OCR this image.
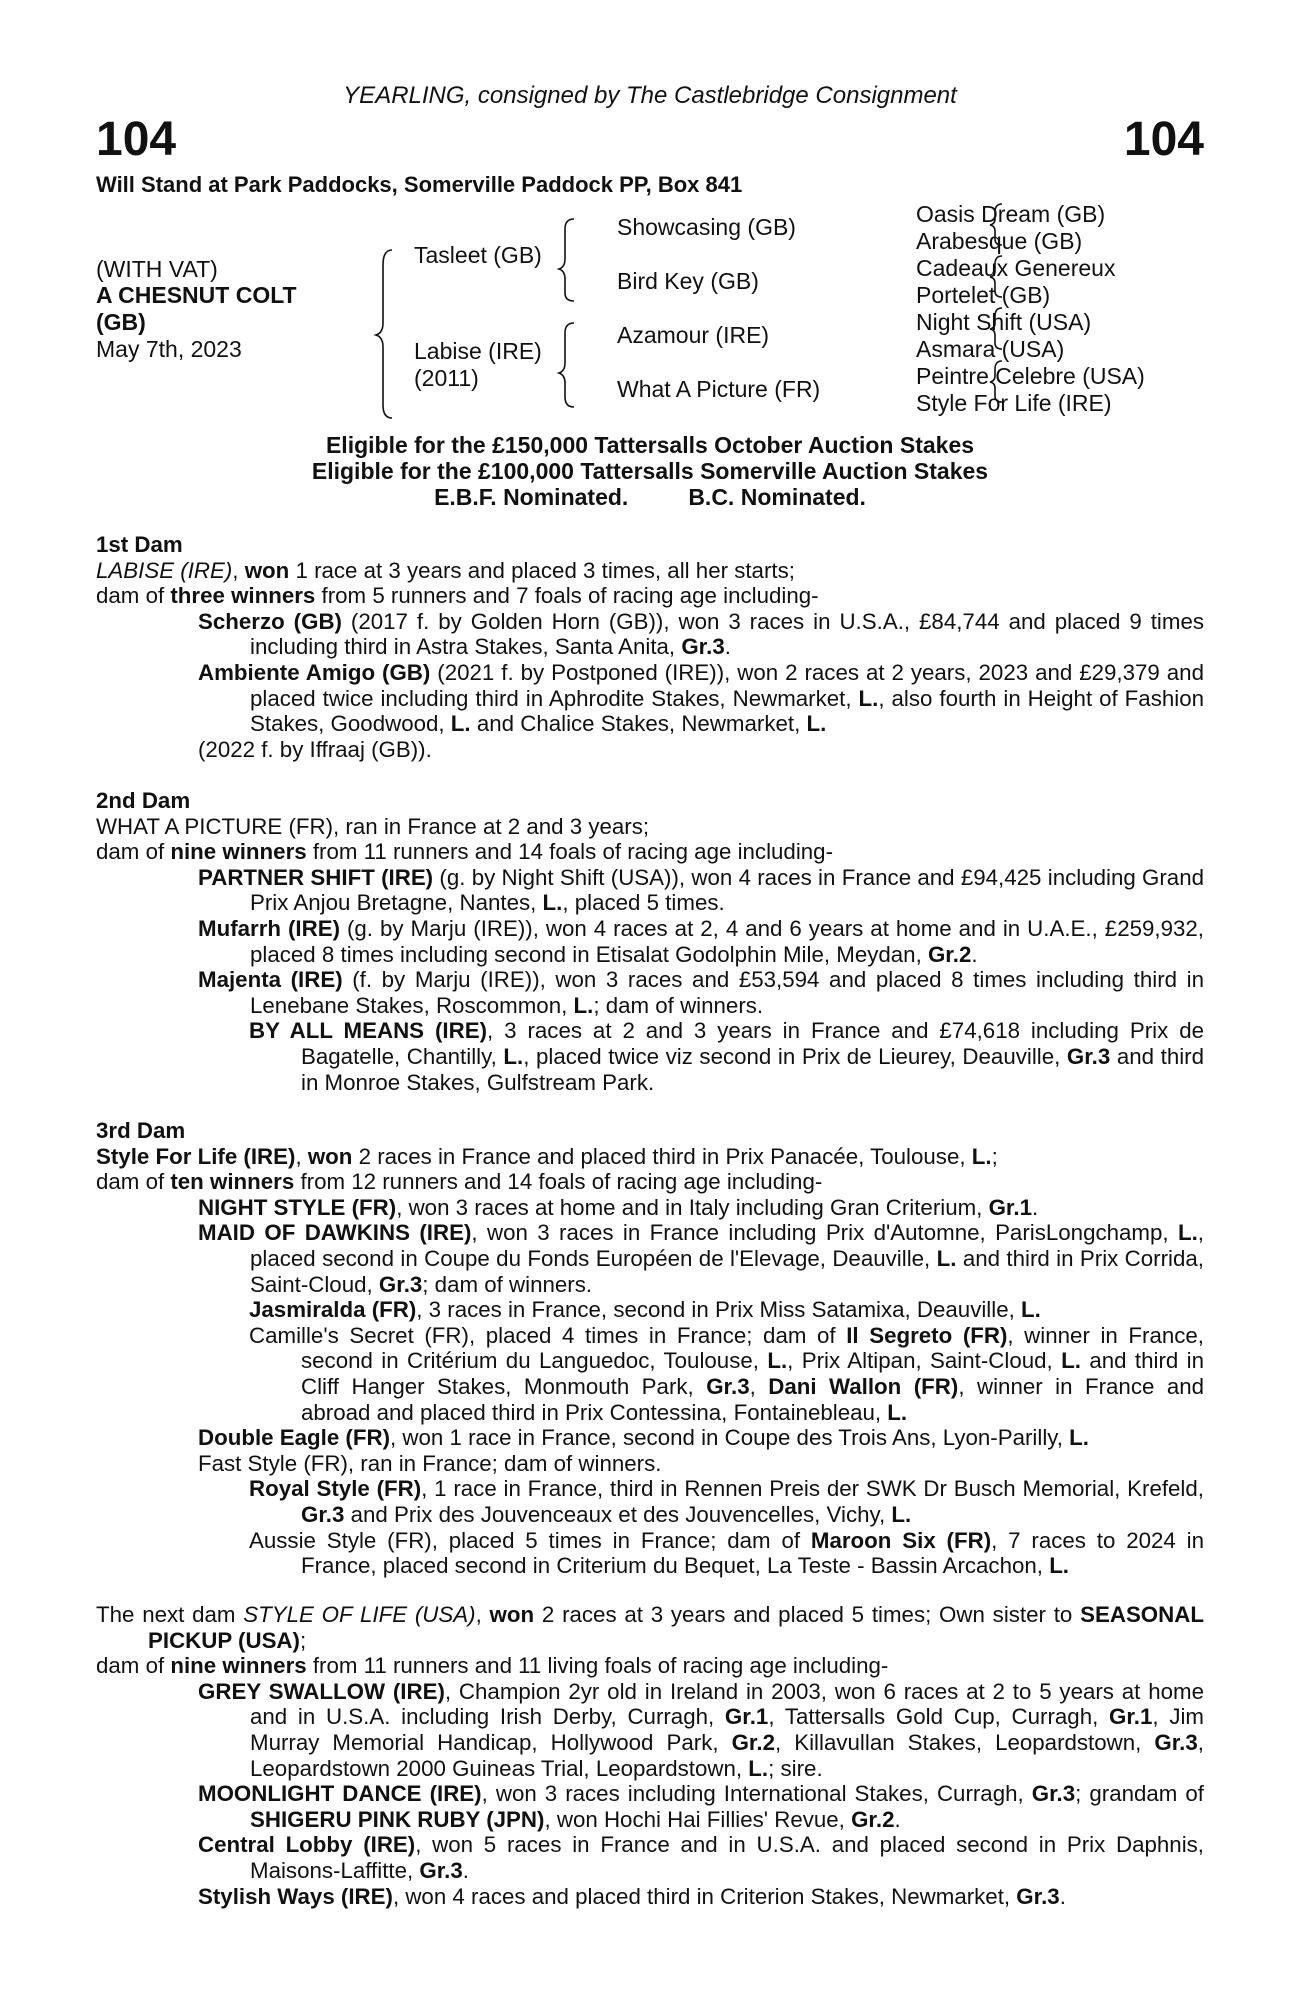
YEARLING, consigned by The Castlebridge Consignment
104	104
Will Stand at Park Paddocks, Somerville Paddock PP, Box 841
(WITH VAT)
A CHESNUT COLT
(GB)
May 7th, 2023
Tasleet (GB)
Labise (IRE)
(2011)
Showcasing (GB)
Bird Key (GB)
Azamour (IRE)
What A Picture (FR)
Oasis Dream (GB)
Arabesque (GB)
Cadeaux Genereux
Portelet (GB)
Night Shift (USA)
Asmara (USA)
Peintre Celebre (USA)
Style For Life (IRE)
Eligible for the £150,000 Tattersalls October Auction Stakes
Eligible for the £100,000 Tattersalls Somerville Auction Stakes
E.B.F. Nominated.	B.C. Nominated.

1st Dam

LABISE (IRE), won 1 race at 3 years and placed 3 times, all her starts;

dam of three winners from 5 runners and 7 foals of racing age including-

Scherzo (GB) (2017 f. by Golden Horn (GB)), won 3 races in U.S.A., £84,744 and placed 9 times including third in Astra Stakes, Santa Anita, Gr.3.

Ambiente Amigo (GB) (2021 f. by Postponed (IRE)), won 2 races at 2 years, 2023 and £29,379 and placed twice including third in Aphrodite Stakes, Newmarket, L., also fourth in Height of Fashion Stakes, Goodwood, L. and Chalice Stakes, Newmarket, L.

(2022 f. by Iffraaj (GB)).

2nd Dam

WHAT A PICTURE (FR), ran in France at 2 and 3 years;

dam of nine winners from 11 runners and 14 foals of racing age including-

PARTNER SHIFT (IRE) (g. by Night Shift (USA)), won 4 races in France and £94,425 including Grand Prix Anjou Bretagne, Nantes, L., placed 5 times.

Mufarrh (IRE) (g. by Marju (IRE)), won 4 races at 2, 4 and 6 years at home and in U.A.E., £259,932, placed 8 times including second in Etisalat Godolphin Mile, Meydan, Gr.2.

Majenta (IRE) (f. by Marju (IRE)), won 3 races and £53,594 and placed 8 times including third in Lenebane Stakes, Roscommon, L.; dam of winners.

BY ALL MEANS (IRE), 3 races at 2 and 3 years in France and £74,618 including Prix de Bagatelle, Chantilly, L., placed twice viz second in Prix de Lieurey, Deauville, Gr.3 and third in Monroe Stakes, Gulfstream Park.

3rd Dam

Style For Life (IRE), won 2 races in France and placed third in Prix Panacée, Toulouse, L.;

dam of ten winners from 12 runners and 14 foals of racing age including-

NIGHT STYLE (FR), won 3 races at home and in Italy including Gran Criterium, Gr.1.

MAID OF DAWKINS (IRE), won 3 races in France including Prix d'Automne, ParisLongchamp, L., placed second in Coupe du Fonds Européen de l'Elevage, Deauville, L. and third in Prix Corrida, Saint-Cloud, Gr.3; dam of winners.

Jasmiralda (FR), 3 races in France, second in Prix Miss Satamixa, Deauville, L.

Camille's Secret (FR), placed 4 times in France; dam of Il Segreto (FR), winner in France, second in Critérium du Languedoc, Toulouse, L., Prix Altipan, Saint-Cloud, L. and third in Cliff Hanger Stakes, Monmouth Park, Gr.3, Dani Wallon (FR), winner in France and abroad and placed third in Prix Contessina, Fontainebleau, L.

Double Eagle (FR), won 1 race in France, second in Coupe des Trois Ans, Lyon-Parilly, L.

Fast Style (FR), ran in France; dam of winners.

Royal Style (FR), 1 race in France, third in Rennen Preis der SWK Dr Busch Memorial, Krefeld, Gr.3 and Prix des Jouvenceaux et des Jouvencelles, Vichy, L.

Aussie Style (FR), placed 5 times in France; dam of Maroon Six (FR), 7 races to 2024 in France, placed second in Criterium du Bequet, La Teste - Bassin Arcachon, L.

The next dam STYLE OF LIFE (USA), won 2 races at 3 years and placed 5 times; Own sister to SEASONAL PICKUP (USA);

dam of nine winners from 11 runners and 11 living foals of racing age including-

GREY SWALLOW (IRE), Champion 2yr old in Ireland in 2003, won 6 races at 2 to 5 years at home and in U.S.A. including Irish Derby, Curragh, Gr.1, Tattersalls Gold Cup, Curragh, Gr.1, Jim Murray Memorial Handicap, Hollywood Park, Gr.2, Killavullan Stakes, Leopardstown, Gr.3, Leopardstown 2000 Guineas Trial, Leopardstown, L.; sire.

MOONLIGHT DANCE (IRE), won 3 races including International Stakes, Curragh, Gr.3; grandam of SHIGERU PINK RUBY (JPN), won Hochi Hai Fillies' Revue, Gr.2.

Central Lobby (IRE), won 5 races in France and in U.S.A. and placed second in Prix Daphnis, Maisons-Laffitte, Gr.3.

Stylish Ways (IRE), won 4 races and placed third in Criterion Stakes, Newmarket, Gr.3.
